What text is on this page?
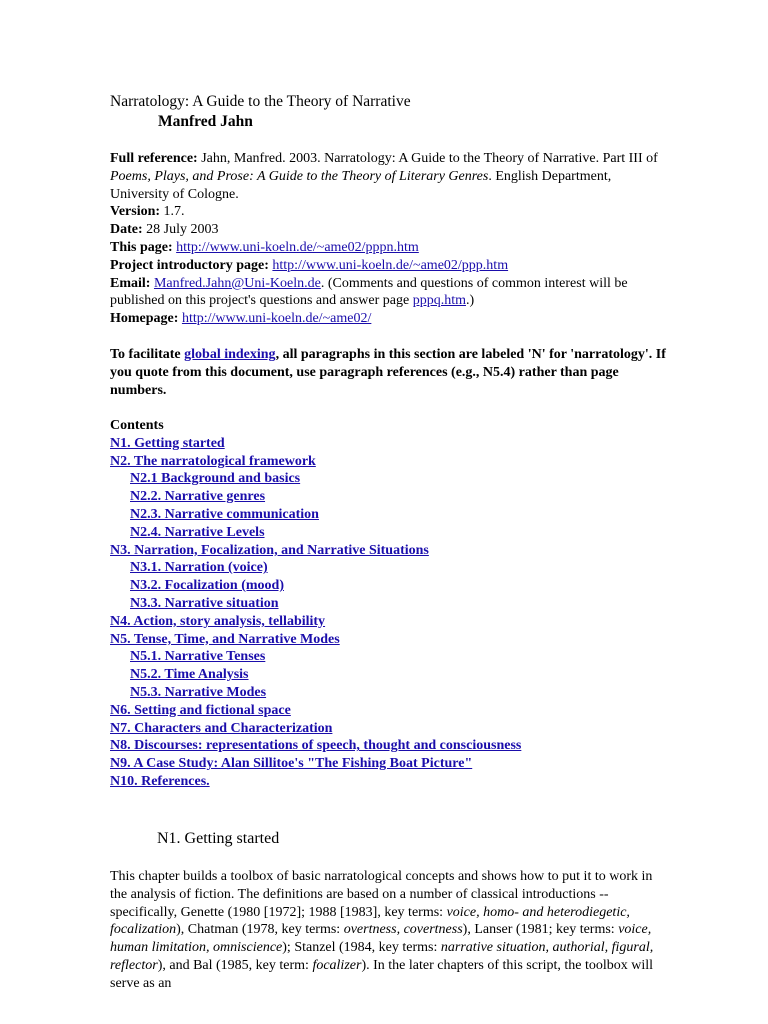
Narratology: A Guide to the Theory of Narrative
Manfred Jahn

Full reference: Jahn, Manfred. 2003. Narratology: A Guide to the Theory of Narrative. Part III of Poems, Plays, and Prose: A Guide to the Theory of Literary Genres. English Department, University of Cologne.

Version: 1.7.

Date: 28 July 2003

This page: http://www.uni-koeln.de/~ame02/pppn.htm

Project introductory page: http://www.uni-koeln.de/~ame02/ppp.htm

Email: Manfred.Jahn@Uni-Koeln.de. (Comments and questions of common interest will be published on this project's questions and answer page pppq.htm.)

Homepage: http://www.uni-koeln.de/~ame02/

To facilitate global indexing, all paragraphs in this section are labeled 'N' for 'narratology'. If you quote from this document, use paragraph references (e.g., N5.4) rather than page numbers.
Contents
N1. Getting started
N2. The narratological framework
N2.1 Background and basics
N2.2. Narrative genres
N2.3. Narrative communication
N2.4. Narrative Levels
N3. Narration, Focalization, and Narrative Situations
N3.1. Narration (voice)
N3.2. Focalization (mood)
N3.3. Narrative situation
N4. Action, story analysis, tellability
N5. Tense, Time, and Narrative Modes
N5.1. Narrative Tenses
N5.2. Time Analysis
N5.3. Narrative Modes
N6. Setting and fictional space
N7. Characters and Characterization
N8. Discourses: representations of speech, thought and consciousness
N9. A Case Study: Alan Sillitoe's "The Fishing Boat Picture"
N10. References.
N1. Getting started

This chapter builds a toolbox of basic narratological concepts and shows how to put it to work in the analysis of fiction. The definitions are based on a number of classical introductions -- specifically, Genette (1980 [1972]; 1988 [1983], key terms: voice, homo- and heterodiegetic, focalization), Chatman (1978, key terms: overtness, covertness), Lanser (1981; key terms: voice, human limitation, omniscience); Stanzel (1984, key terms: narrative situation, authorial, figural, reflector), and Bal (1985, key term: focalizer). In the later chapters of this script, the toolbox will serve as an
